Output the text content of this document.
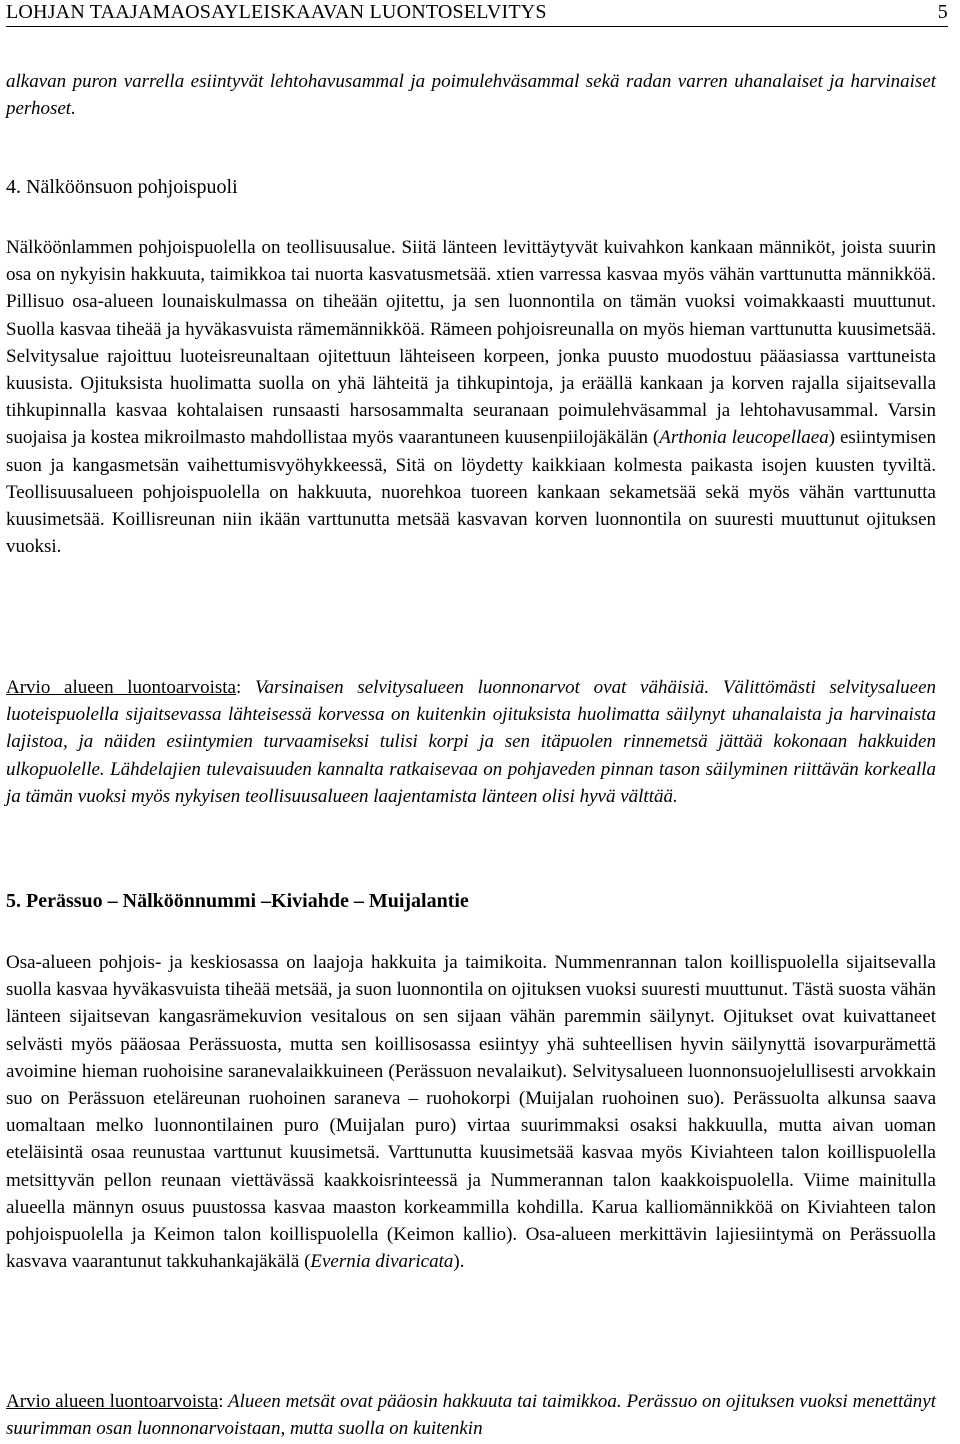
LOHJAN TAAJAMAOSAYLEISKAAVAN LUONTOSELVITYS	5

alkavan puron varrella esiintyvät lehtohavusammal ja poimulehväsammal sekä radan varren uhanalaiset ja harvinaiset perhoset.

4. Nälköönsuon pohjoispuoli

Nälköönlammen pohjoispuolella on teollisuusalue. Siitä länteen levittäytyvät kuivahkon kankaan männiköt, joista suurin osa on nykyisin hakkuuta, taimikkoa tai nuorta kasvatusmetsää. xtien varressa kasvaa myös vähän varttunutta männikköä. Pillisuo osa-alueen lounaiskulmassa on tiheään ojitettu, ja sen luonnontila on tämän vuoksi voimakkaasti muuttunut. Suolla kasvaa tiheää ja hyväkasvuista rämemännikköä. Rämeen pohjoisreunalla on myös hieman varttunutta kuusimetsää. Selvitysalue rajoittuu luoteisreunaltaan ojitettuun lähteiseen korpeen, jonka puusto muodostuu pääasiassa varttuneista kuusista. Ojituksista huolimatta suolla on yhä lähteitä ja tihkupintoja, ja eräällä kankaan ja korven rajalla sijaitsevalla tihkupinnalla kasvaa kohtalaisen runsaasti harsosammalta seuranaan poimulehväsammal ja lehtohavusammal. Varsin suojaisa ja kostea mikroilmasto mahdollistaa myös vaarantuneen kuusenpiilojäkälän (Arthonia leucopellaea) esiintymisen suon ja kangasmetsän vaihettumisvyöhykkeessä, Sitä on löydetty kaikkiaan kolmesta paikasta isojen kuusten tyviltä. Teollisuusalueen pohjoispuolella on hakkuuta, nuorehkoa tuoreen kankaan sekametsää sekä myös vähän varttunutta kuusimetsää. Koillisreunan niin ikään varttunutta metsää kasvavan korven luonnontila on suuresti muuttunut ojituksen vuoksi.

Arvio alueen luontoarvoista: Varsinaisen selvitysalueen luonnonarvot ovat vähäisiä. Välittömästi selvitysalueen luoteispuolella sijaitsevassa lähteisessä korvessa on kuitenkin ojituksista huolimatta säilynyt uhanalaista ja harvinaista lajistoa, ja näiden esiintymien turvaamiseksi tulisi korpi ja sen itäpuolen rinnemetsä jättää kokonaan hakkuiden ulkopuolelle. Lähdelajien tulevaisuuden kannalta ratkaisevaa on pohjaveden pinnan tason säilyminen riittävän korkealla ja tämän vuoksi myös nykyisen teollisuusalueen laajentamista länteen olisi hyvä välttää.

5. Perässuo – Nälköönnummi –Kiviahde – Muijalantie

Osa-alueen pohjois- ja keskiosassa on laajoja hakkuita ja taimikoita. Nummenrannan talon koillispuolella sijaitsevalla suolla kasvaa hyväkasvuista tiheää metsää, ja suon luonnontila on ojituksen vuoksi suuresti muuttunut. Tästä suosta vähän länteen sijaitsevan kangasrämekuvion vesitalous on sen sijaan vähän paremmin säilynyt. Ojitukset ovat kuivattaneet selvästi myös pääosaa Perässuosta, mutta sen koillisosassa esiintyy yhä suhteellisen hyvin säilynyttä isovarpurämettä avoimine hieman ruohoisine saranevalaikkuineen (Perässuon nevalaikut). Selvitysalueen luonnonsuojelullisesti arvokkain suo on Perässuon eteläreunan ruohoinen saraneva – ruohokorpi (Muijalan ruohoinen suo). Perässuolta alkunsa saava uomaltaan melko luonnontilainen puro (Muijalan puro) virtaa suurimmaksi osaksi hakkuulla, mutta aivan uoman eteläisintä osaa reunustaa varttunut kuusimetsä. Varttunutta kuusimetsää kasvaa myös Kiviahteen talon koillispuolella metsittyvän pellon reunaan viettävässä kaakkoisrinteessä ja Nummerannan talon kaakkoispuolella. Viime mainitulla alueella männyn osuus puustossa kasvaa maaston korkeammilla kohdilla. Karua kalliomännikköä on Kiviahteen talon pohjoispuolella ja Keimon talon koillispuolella (Keimon kallio). Osa-alueen merkittävin lajiesiintymä on Perässuolla kasvava vaarantunut takkuhankajäkälä (Evernia divaricata).

Arvio alueen luontoarvoista: Alueen metsät ovat pääosin hakkuuta tai taimikkoa. Perässuo on ojituksen vuoksi menettänyt suurimman osan luonnonarvoistaan, mutta suolla on kuitenkin
